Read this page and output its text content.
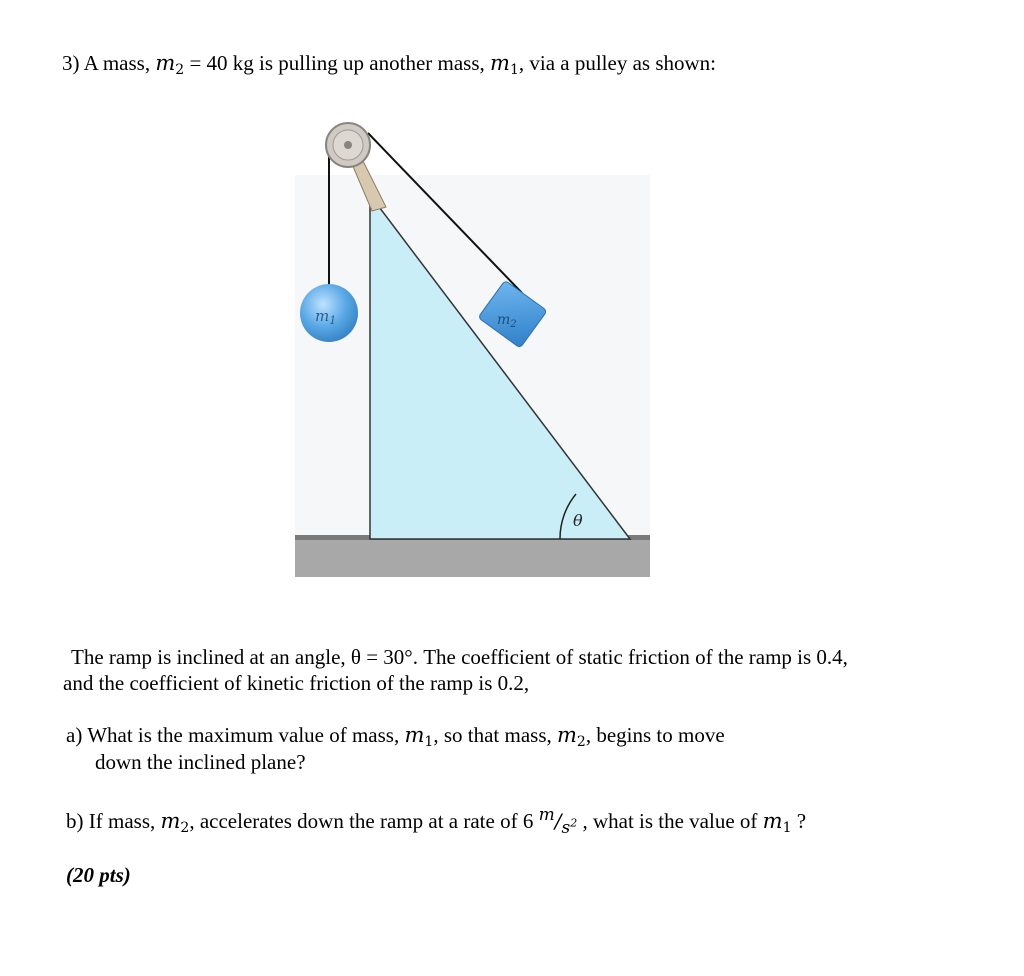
3) A mass, $m_2 = 40$ kg is pulling up another mass, $m_1$, via a pulley as shown:
θ
$m_1$	$m_2$
The ramp is inclined at an angle, θ = 30°. The coefficient of static friction of the ramp is 0.4,
and the coefficient of kinetic friction of the ramp is 0.2,
a) What is the maximum value of mass, $m_1$, so that mass, $m_2$, begins to move
down the inclined plane?
b) If mass, $m_2$, accelerates down the ramp at a rate of 6 $^m/_{s^2}$ , what is the value of $m_1$ ?
(20 pts)
